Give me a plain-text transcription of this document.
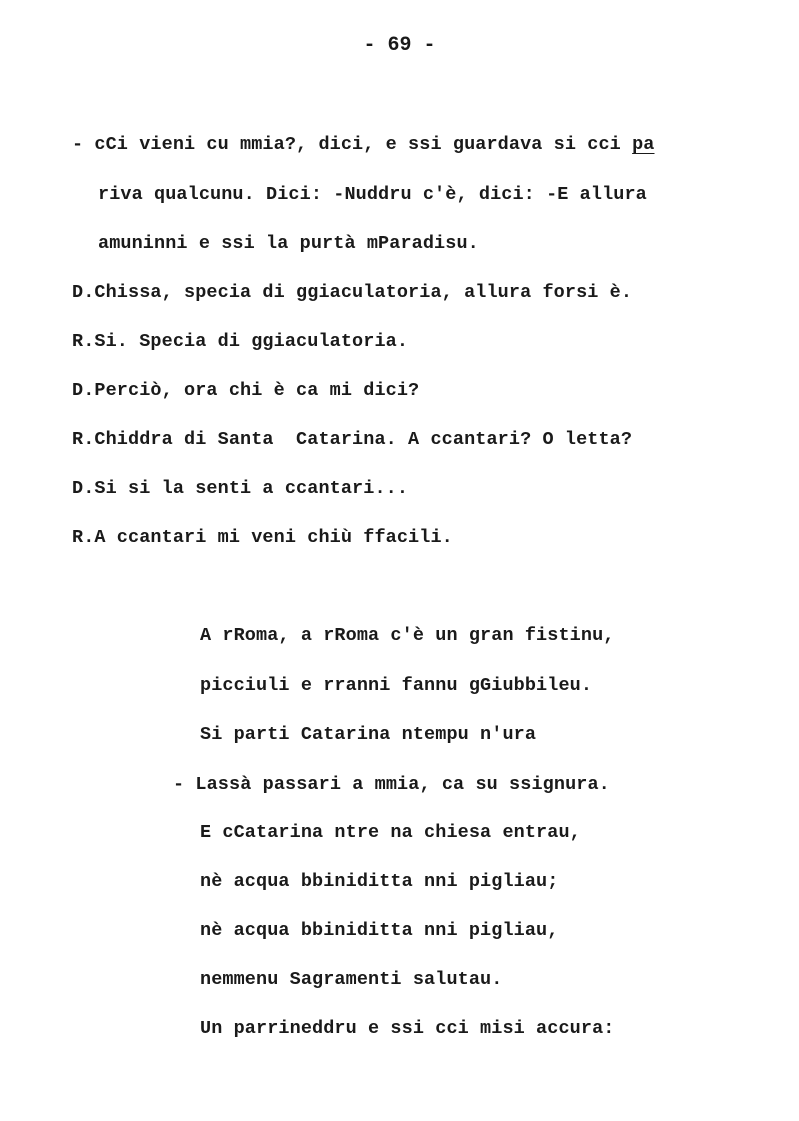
- 69 -
- cCi vieni cu mmia?, dici, e ssi guardava si cci pa
riva qualcunu. Dici: -Nuddru c'è, dici: -E allura
amuninni e ssi la purtà mParadisu.
D.Chissa, specia di ggiaculatoria, allura forsi è.
R.Si. Specia di ggiaculatoria.
D.Perciò, ora chi è ca mi dici?
R.Chiddra di Santa  Catarina. A ccantari? O letta?
D.Si si la senti a ccantari...
R.A ccantari mi veni chiù ffacili.
A rRoma, a rRoma c'è un gran fistinu,
picciuli e rranni fannu gGiubbileu.
Si parti Catarina ntempu n'ura
- Lassà passari a mmia, ca su ssignura.
E cCatarina ntre na chiesa entrau,
nè acqua bbiniditta nni pigliau;
nè acqua bbiniditta nni pigliau,
nemmenu Sagramenti salutau.
Un parrineddru e ssi cci misi accura:
